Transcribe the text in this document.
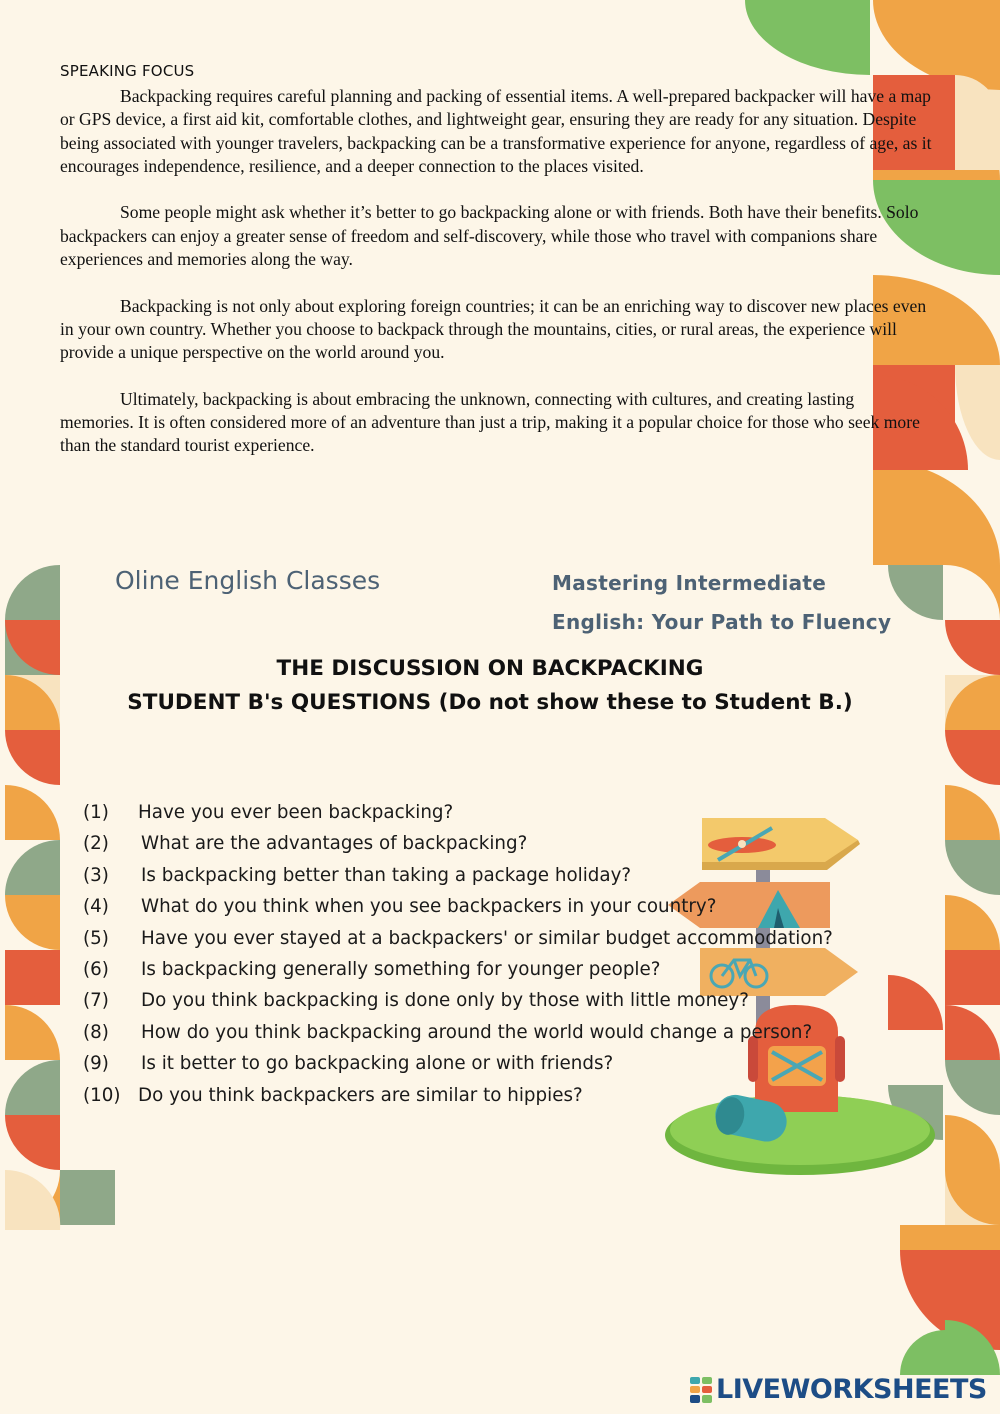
SPEAKING FOCUS

Backpacking requires careful planning and packing of essential items. A well-prepared backpacker will have a map or GPS device, a first aid kit, comfortable clothes, and lightweight gear, ensuring they are ready for any situation. Despite being associated with younger travelers, backpacking can be a transformative experience for anyone, regardless of age, as it encourages independence, resilience, and a deeper connection to the places visited.

Some people might ask whether it’s better to go backpacking alone or with friends. Both have their benefits. Solo backpackers can enjoy a greater sense of freedom and self-discovery, while those who travel with companions share experiences and memories along the way.

Backpacking is not only about exploring foreign countries; it can be an enriching way to discover new places even in your own country. Whether you choose to backpack through the mountains, cities, or rural areas, the experience will provide a unique perspective on the world around you.

Ultimately, backpacking is about embracing the unknown, connecting with cultures, and creating lasting memories. It is often considered more of an adventure than just a trip, making it a popular choice for those who seek more than the standard tourist experience.

Oline English Classes	Mastering Intermediate
English: Your Path to Fluency
THE DISCUSSION ON BACKPACKING
STUDENT B's QUESTIONS (Do not show these to Student B.)
(1) Have you ever been backpacking?
(2) What are the advantages of backpacking?
(3) Is backpacking better than taking a package holiday?
(4) What do you think when you see backpackers in your country?
(5) Have you ever stayed at a backpackers' or similar budget accommodation?
(6) Is backpacking generally something for younger people?
(7) Do you think backpacking is done only by those with little money?
(8) How do you think backpacking around the world would change a person?
(9) Is it better to go backpacking alone or with friends?
(10) Do you think backpackers are similar to hippies?
LIVEWORKSHEETS
